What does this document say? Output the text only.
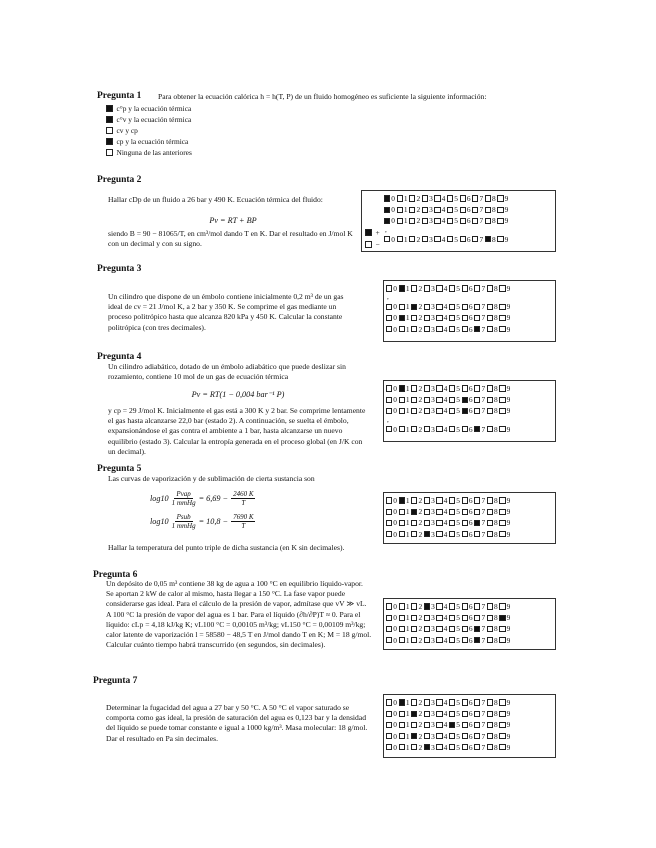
Pregunta 1 Para obtener la ecuación calórica h = h(T, P) de un fluido homogéneo es suficiente la siguiente información:
c°p y la ecuación térmica
c°v y la ecuación térmica
cv y cp
cp y la ecuación térmica
Ninguna de las anteriores
Pregunta 2
Hallar cDp de un fluido a 26 bar y 490 K. Ecuación térmica del fluido:
Pv = RT + BP
siendo B = 90 − 81065/T, en cm³/mol dando T en K. Dar el resultado en J/mol K con un decimal y con su signo.
+
−
0 1 2 3 4 5 6 7 8 9
0 1 2 3 4 5 6 7 8 9
0 1 2 3 4 5 6 7 8 9
,
0 1 2 3 4 5 6 7 8 9
Pregunta 3
Un cilindro que dispone de un émbolo contiene inicialmente 0,2 m³ de un gas ideal de cv = 21 J/mol K, a 2 bar y 350 K. Se comprime el gas mediante un proceso politrópico hasta que alcanza 820 kPa y 450 K. Calcular la constante politrópica (con tres decimales).
0 1 2 3 4 5 6 7 8 9
,
0 1 2 3 4 5 6 7 8 9
0 1 2 3 4 5 6 7 8 9
0 1 2 3 4 5 6 7 8 9
Pregunta 4
Un cilindro adiabático, dotado de un émbolo adiabático que puede deslizar sin rozamiento, contiene 10 mol de un gas de ecuación térmica
Pv = RT(1 − 0,004 bar⁻¹ P)
y cp = 29 J/mol K. Inicialmente el gas está a 300 K y 2 bar. Se comprime lentamente el gas hasta alcanzarse 22,0 bar (estado 2). A continuación, se suelta el émbolo, expansionándose el gas contra el ambiente a 1 bar, hasta alcanzarse un nuevo equilibrio (estado 3). Calcular la entropía generada en el proceso global (en J/K con un decimal).
0 1 2 3 4 5 6 7 8 9
0 1 2 3 4 5 6 7 8 9
0 1 2 3 4 5 6 7 8 9
,
0 1 2 3 4 5 6 7 8 9
Pregunta 5
Las curvas de vaporización y de sublimación de cierta sustancia son
$\log 10 \frac{\text{Pvap}}{\text{1 mmHg}} = 6,69 - \frac{2460 K}{T}$
$\log 10 \frac{\text{Psub}}{\text{1 mmHg}} = 10,8 - \frac{7690 K}{T}$
Hallar la temperatura del punto triple de dicha sustancia (en K sin decimales).
0 1 2 3 4 5 6 7 8 9
0 1 2 3 4 5 6 7 8 9
0 1 2 3 4 5 6 7 8 9
0 1 2 3 4 5 6 7 8 9
Pregunta 6
Un depósito de 0,05 m³ contiene 38 kg de agua a 100 °C en equilibrio líquido-vapor. Se aportan 2 kW de calor al mismo, hasta llegar a 150 °C. La fase vapor puede considerarse gas ideal. Para el cálculo de la presión de vapor, admítase que vV ≫ vL. A 100 °C la presión de vapor del agua es 1 bar. Para el líquido (∂h/∂P)T ≈ 0. Para el líquido: cLp = 4,18 kJ/kg K; vL100 °C = 0,00105 m³/kg; vL150 °C = 0,00109 m³/kg; calor latente de vaporización l = 58580 − 48,5 T en J/mol dando T en K; M = 18 g/mol. Calcular cuánto tiempo habrá transcurrido (en segundos, sin decimales).
0 1 2 3 4 5 6 7 8 9
0 1 2 3 4 5 6 7 8 9
0 1 2 3 4 5 6 7 8 9
0 1 2 3 4 5 6 7 8 9
Pregunta 7
Determinar la fugacidad del agua a 27 bar y 50 °C. A 50 °C el vapor saturado se comporta como gas ideal, la presión de saturación del agua es 0,123 bar y la densidad del líquido se puede tomar constante e igual a 1000 kg/m³. Masa molecular: 18 g/mol. Dar el resultado en Pa sin decimales.
0 1 2 3 4 5 6 7 8 9
0 1 2 3 4 5 6 7 8 9
0 1 2 3 4 5 6 7 8 9
0 1 2 3 4 5 6 7 8 9
0 1 2 3 4 5 6 7 8 9
